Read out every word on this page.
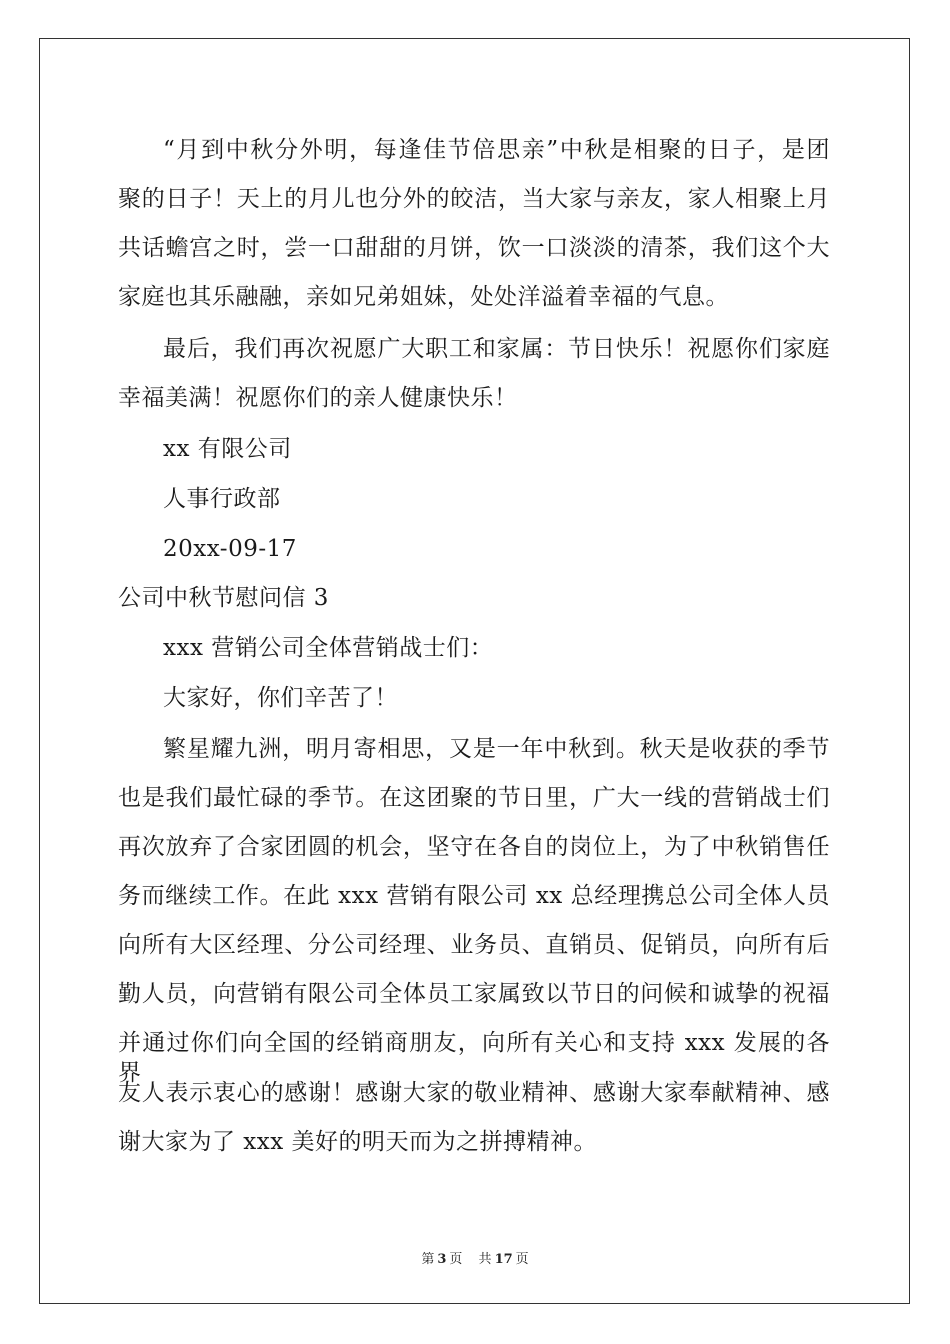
“月到中秋分外明，每逢佳节倍思亲”中秋是相聚的日子，是团
聚的日子！天上的月儿也分外的皎洁，当大家与亲友，家人相聚上月
共话蟾宫之时，尝一口甜甜的月饼，饮一口淡淡的清茶，我们这个大
家庭也其乐融融，亲如兄弟姐妹，处处洋溢着幸福的气息。
最后，我们再次祝愿广大职工和家属：节日快乐！祝愿你们家庭
幸福美满！祝愿你们的亲人健康快乐！
xx 有限公司
人事行政部
20xx-09-17
公司中秋节慰问信 3
xxx 营销公司全体营销战士们：
大家好，你们辛苦了！
繁星耀九洲，明月寄相思，又是一年中秋到。秋天是收获的季节
也是我们最忙碌的季节。在这团聚的节日里，广大一线的营销战士们
再次放弃了合家团圆的机会，坚守在各自的岗位上，为了中秋销售任
务而继续工作。在此 xxx 营销有限公司 xx 总经理携总公司全体人员
向所有大区经理、分公司经理、业务员、直销员、促销员，向所有后
勤人员，向营销有限公司全体员工家属致以节日的问候和诚挚的祝福
并通过你们向全国的经销商朋友，向所有关心和支持 xxx 发展的各界
友人表示衷心的感谢！感谢大家的敬业精神、感谢大家奉献精神、感
谢大家为了 xxx 美好的明天而为之拼搏精神。
第 3 页 共 17 页
